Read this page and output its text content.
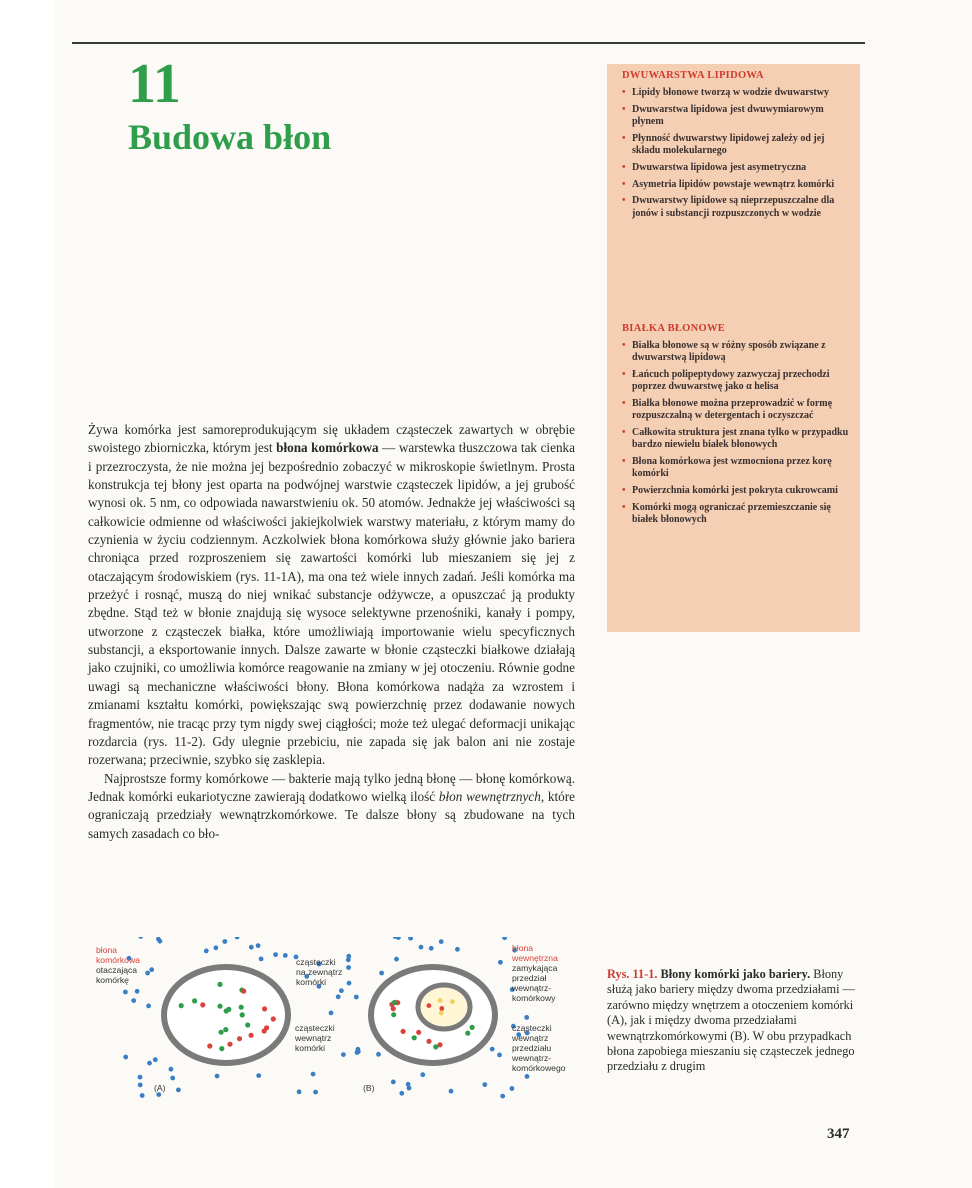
11
Budowa błon
DWUWARSTWA LIPIDOWA
• Lipidy błonowe tworzą w wodzie dwuwarstwy
• Dwuwarstwa lipidowa jest dwuwymiarowym płynem
• Płynność dwuwarstwy lipidowej zależy od jej składu molekularnego
• Dwuwarstwa lipidowa jest asymetryczna
• Asymetria lipidów powstaje wewnątrz komórki
• Dwuwarstwy lipidowe są nieprzepuszczalne dla jonów i substancji rozpuszczonych w wodzie
BIAŁKA BŁONOWE
• Białka błonowe są w różny sposób związane z dwuwarstwą lipidową
• Łańcuch polipeptydowy zazwyczaj przechodzi poprzez dwuwarstwę jako α helisa
• Białka błonowe można przeprowadzić w formę rozpuszczalną w detergentach i oczyszczać
• Całkowita struktura jest znana tylko w przypadku bardzo niewielu białek błonowych
• Błona komórkowa jest wzmocniona przez korę komórki
• Powierzchnia komórki jest pokryta cukrowcami
• Komórki mogą ograniczać przemieszczanie się białek błonowych

Żywa komórka jest samoreprodukującym się układem cząsteczek zawartych w obrębie swoistego zbiorniczka, którym jest błona komórkowa — warstewka tłuszczowa tak cienka i przezroczysta, że nie można jej bezpośrednio zobaczyć w mikroskopie świetlnym. Prosta konstrukcja tej błony jest oparta na podwójnej warstwie cząsteczek lipidów, a jej grubość wynosi ok. 5 nm, co odpowiada nawarstwieniu ok. 50 atomów. Jednakże jej właściwości są całkowicie odmienne od właściwości jakiejkolwiek warstwy materiału, z którym mamy do czynienia w życiu codziennym. Aczkolwiek błona komórkowa służy głównie jako bariera chroniąca przed rozproszeniem się zawartości komórki lub mieszaniem się jej z otaczającym środowiskiem (rys. 11-1A), ma ona też wiele innych zadań. Jeśli komórka ma przeżyć i rosnąć, muszą do niej wnikać substancje odżywcze, a opuszczać ją produkty zbędne. Stąd też w błonie znajdują się wysoce selektywne przenośniki, kanały i pompy, utworzone z cząsteczek białka, które umożliwiają importowanie wielu specyficznych substancji, a eksportowanie innych. Dalsze zawarte w błonie cząsteczki białkowe działają jako czujniki, co umożliwia komórce reagowanie na zmiany w jej otoczeniu. Równie godne uwagi są mechaniczne właściwości błony. Błona komórkowa nadąża za wzrostem i zmianami kształtu komórki, powiększając swą powierzchnię przez dodawanie nowych fragmentów, nie tracąc przy tym nigdy swej ciągłości; może też ulegać deformacji unikając rozdarcia (rys. 11-2). Gdy ulegnie przebiciu, nie zapada się jak balon ani nie zostaje rozerwana; przeciwnie, szybko się zasklepia.

Najprostsze formy komórkowe — bakterie mają tylko jedną błonę — błonę komórkową. Jednak komórki eukariotyczne zawierają dodatkowo wielką ilość błon wewnętrznych, które ograniczają przedziały wewnątrzkomórkowe. Te dalsze błony są zbudowane na tych samych zasadach co bło-

błona
komórkowa
otaczająca
komórkę
cząsteczki
na zewnątrz
komórki
cząsteczki
wewnątrz
komórki
(A)	(B)
błona
wewnętrzna
zamykająca
przedział
wewnątrz-
komórkowy
cząsteczki
wewnątrz
przedziału
wewnątrz-
komórkowego
Rys. 11-1. Błony komórki jako bariery. Błony służą jako bariery między dwoma przedziałami — zarówno między wnętrzem a otoczeniem komórki (A), jak i między dwoma przedziałami wewnątrzkomórkowymi (B). W obu przypadkach błona zapobiega mieszaniu się cząsteczek jednego przedziału z drugim
347
